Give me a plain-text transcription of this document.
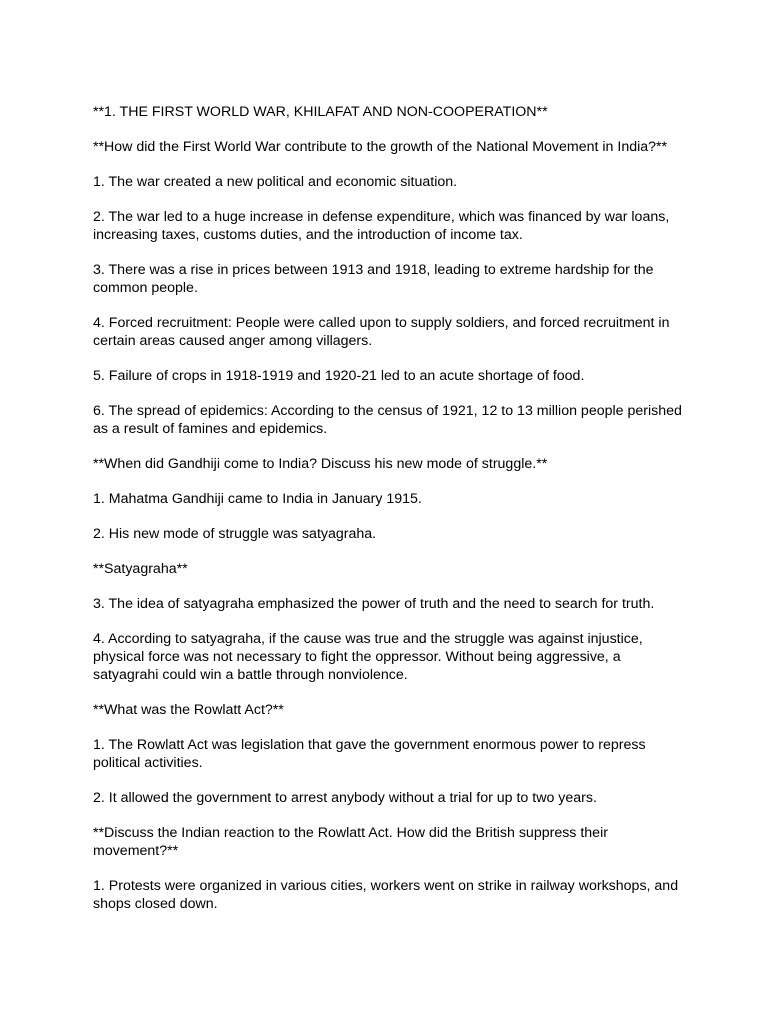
**1. THE FIRST WORLD WAR, KHILAFAT AND NON-COOPERATION**

**How did the First World War contribute to the growth of the National Movement in India?**

1. The war created a new political and economic situation.

2. The war led to a huge increase in defense expenditure, which was financed by war loans, increasing taxes, customs duties, and the introduction of income tax.

3. There was a rise in prices between 1913 and 1918, leading to extreme hardship for the common people.

4. Forced recruitment: People were called upon to supply soldiers, and forced recruitment in certain areas caused anger among villagers.

5. Failure of crops in 1918-1919 and 1920-21 led to an acute shortage of food.

6. The spread of epidemics: According to the census of 1921, 12 to 13 million people perished as a result of famines and epidemics.

**When did Gandhiji come to India? Discuss his new mode of struggle.**

1. Mahatma Gandhiji came to India in January 1915.

2. His new mode of struggle was satyagraha.

**Satyagraha**

3. The idea of satyagraha emphasized the power of truth and the need to search for truth.

4. According to satyagraha, if the cause was true and the struggle was against injustice, physical force was not necessary to fight the oppressor. Without being aggressive, a satyagrahi could win a battle through nonviolence.

**What was the Rowlatt Act?**

1. The Rowlatt Act was legislation that gave the government enormous power to repress political activities.

2. It allowed the government to arrest anybody without a trial for up to two years.

**Discuss the Indian reaction to the Rowlatt Act. How did the British suppress their movement?**

1. Protests were organized in various cities, workers went on strike in railway workshops, and shops closed down.
